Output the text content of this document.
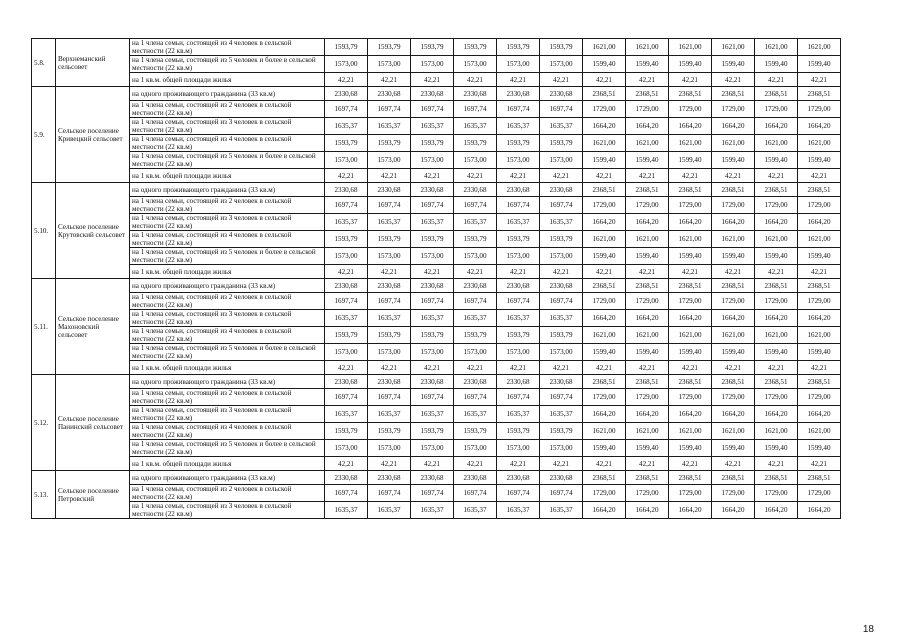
5.8.	Верхнеманский сельсовет	на 1 члена семьи, состоящей из 4 человек в сельской местности (22 кв.м)	1593,79	1593,79	1593,79	1593,79	1593,79	1593,79	1621,00	1621,00	1621,00	1621,00	1621,00	1621,00
		на 1 члена семьи, состоящей из 5 человек и более в сельской местности (22 кв.м)	1573,00	1573,00	1573,00	1573,00	1573,00	1573,00	1599,40	1599,40	1599,40	1599,40	1599,40	1599,40
		на 1 кв.м. общей площади жилья	42,21	42,21	42,21	42,21	42,21	42,21	42,21	42,21	42,21	42,21	42,21	42,21
5.9.	Сельское поселение Кривецкий сельсовет	на одного проживающего гражданина (33 кв.м)	2330,68	2330,68	2330,68	2330,68	2330,68	2330,68	2368,51	2368,51	2368,51	2368,51	2368,51	2368,51
		на 1 члена семьи, состоящей из 2 человек в сельской местности (22 кв.м)	1697,74	1697,74	1697,74	1697,74	1697,74	1697,74	1729,00	1729,00	1729,00	1729,00	1729,00	1729,00
		на 1 члена семьи, состоящей из 3 человек в сельской местности (22 кв.м)	1635,37	1635,37	1635,37	1635,37	1635,37	1635,37	1664,20	1664,20	1664,20	1664,20	1664,20	1664,20
		на 1 члена семьи, состоящей из 4 человек в сельской местности (22 кв.м)	1593,79	1593,79	1593,79	1593,79	1593,79	1593,79	1621,00	1621,00	1621,00	1621,00	1621,00	1621,00
		на 1 члена семьи, состоящей из 5 человек и более в сельской местности (22 кв.м)	1573,00	1573,00	1573,00	1573,00	1573,00	1573,00	1599,40	1599,40	1599,40	1599,40	1599,40	1599,40
		на 1 кв.м. общей площади жилья	42,21	42,21	42,21	42,21	42,21	42,21	42,21	42,21	42,21	42,21	42,21	42,21
5.10.	Сельское поселение Крутовский сельсовет	на одного проживающего гражданина (33 кв.м)	2330,68	2330,68	2330,68	2330,68	2330,68	2330,68	2368,51	2368,51	2368,51	2368,51	2368,51	2368,51
		на 1 члена семьи, состоящей из 2 человек в сельской местности (22 кв.м)	1697,74	1697,74	1697,74	1697,74	1697,74	1697,74	1729,00	1729,00	1729,00	1729,00	1729,00	1729,00
		на 1 члена семьи, состоящей из 3 человек в сельской местности (22 кв.м)	1635,37	1635,37	1635,37	1635,37	1635,37	1635,37	1664,20	1664,20	1664,20	1664,20	1664,20	1664,20
		на 1 члена семьи, состоящей из 4 человек в сельской местности (22 кв.м)	1593,79	1593,79	1593,79	1593,79	1593,79	1593,79	1621,00	1621,00	1621,00	1621,00	1621,00	1621,00
		на 1 члена семьи, состоящей из 5 человек и более в сельской местности (22 кв.м)	1573,00	1573,00	1573,00	1573,00	1573,00	1573,00	1599,40	1599,40	1599,40	1599,40	1599,40	1599,40
		на 1 кв.м. общей площади жилья	42,21	42,21	42,21	42,21	42,21	42,21	42,21	42,21	42,21	42,21	42,21	42,21
5.11.	Сельское поселение Махоновский сельсовет	на одного проживающего гражданина (33 кв.м)	2330,68	2330,68	2330,68	2330,68	2330,68	2330,68	2368,51	2368,51	2368,51	2368,51	2368,51	2368,51
		на 1 члена семьи, состоящей из 2 человек в сельской местности (22 кв.м)	1697,74	1697,74	1697,74	1697,74	1697,74	1697,74	1729,00	1729,00	1729,00	1729,00	1729,00	1729,00
		на 1 члена семьи, состоящей из 3 человек в сельской местности (22 кв.м)	1635,37	1635,37	1635,37	1635,37	1635,37	1635,37	1664,20	1664,20	1664,20	1664,20	1664,20	1664,20
		на 1 члена семьи, состоящей из 4 человек в сельской местности (22 кв.м)	1593,79	1593,79	1593,79	1593,79	1593,79	1593,79	1621,00	1621,00	1621,00	1621,00	1621,00	1621,00
		на 1 члена семьи, состоящей из 5 человек и более в сельской местности (22 кв.м)	1573,00	1573,00	1573,00	1573,00	1573,00	1573,00	1599,40	1599,40	1599,40	1599,40	1599,40	1599,40
		на 1 кв.м. общей площади жилья	42,21	42,21	42,21	42,21	42,21	42,21	42,21	42,21	42,21	42,21	42,21	42,21
5.12.	Сельское поселение Панинский сельсовет	на одного проживающего гражданина (33 кв.м)	2330,68	2330,68	2330,68	2330,68	2330,68	2330,68	2368,51	2368,51	2368,51	2368,51	2368,51	2368,51
		на 1 члена семьи, состоящей из 2 человек в сельской местности (22 кв.м)	1697,74	1697,74	1697,74	1697,74	1697,74	1697,74	1729,00	1729,00	1729,00	1729,00	1729,00	1729,00
		на 1 члена семьи, состоящей из 3 человек в сельской местности (22 кв.м)	1635,37	1635,37	1635,37	1635,37	1635,37	1635,37	1664,20	1664,20	1664,20	1664,20	1664,20	1664,20
		на 1 члена семьи, состоящей из 4 человек в сельской местности (22 кв.м)	1593,79	1593,79	1593,79	1593,79	1593,79	1593,79	1621,00	1621,00	1621,00	1621,00	1621,00	1621,00
		на 1 члена семьи, состоящей из 5 человек и более в сельской местности (22 кв.м)	1573,00	1573,00	1573,00	1573,00	1573,00	1573,00	1599,40	1599,40	1599,40	1599,40	1599,40	1599,40
		на 1 кв.м. общей площади жилья	42,21	42,21	42,21	42,21	42,21	42,21	42,21	42,21	42,21	42,21	42,21	42,21
5.13.	Сельское поселение Петровский	на одного проживающего гражданина (33 кв.м)	2330,68	2330,68	2330,68	2330,68	2330,68	2330,68	2368,51	2368,51	2368,51	2368,51	2368,51	2368,51
		на 1 члена семьи, состоящей из 2 человек в сельской местности (22 кв.м)	1697,74	1697,74	1697,74	1697,74	1697,74	1697,74	1729,00	1729,00	1729,00	1729,00	1729,00	1729,00
		на 1 члена семьи, состоящей из 3 человек в сельской местности (22 кв.м)	1635,37	1635,37	1635,37	1635,37	1635,37	1635,37	1664,20	1664,20	1664,20	1664,20	1664,20	1664,20
18
